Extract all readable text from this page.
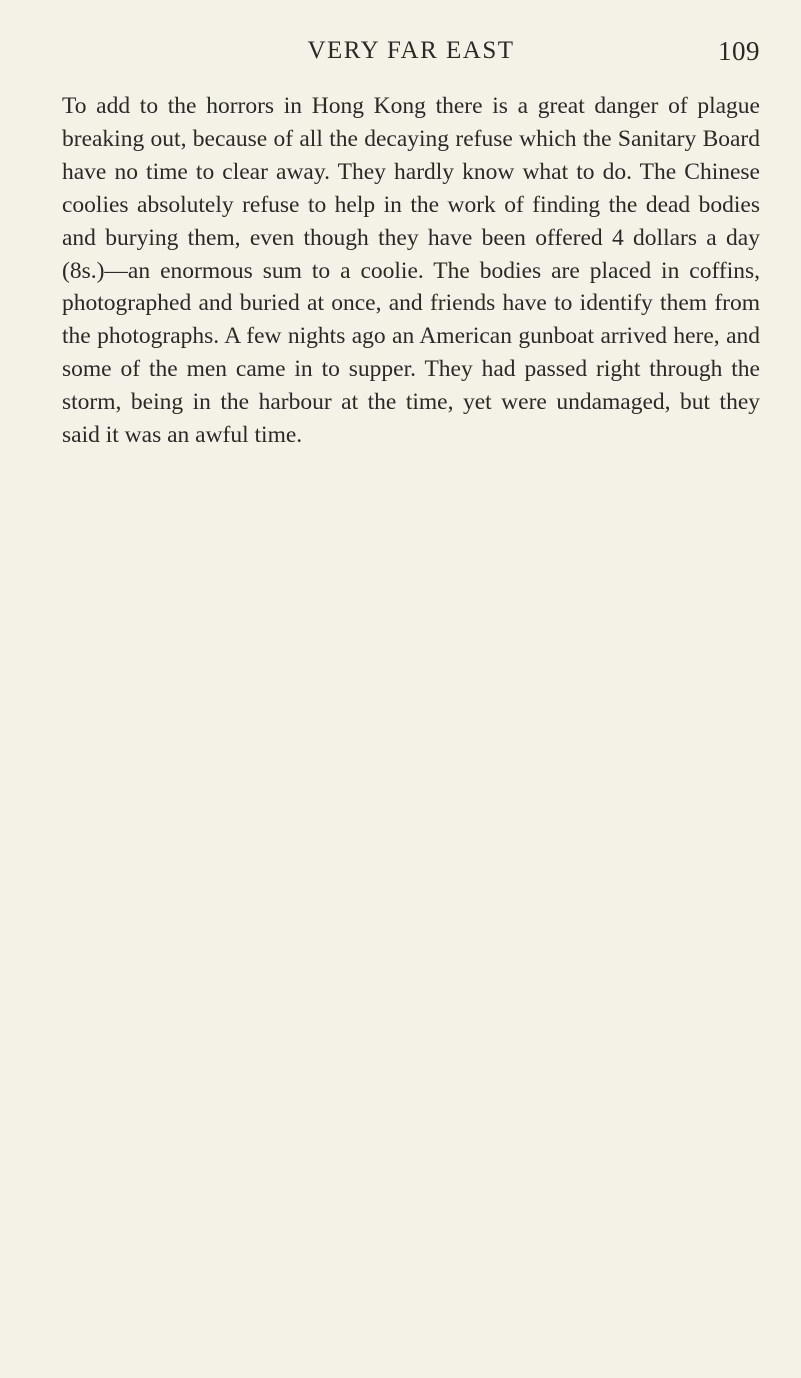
VERY FAR EAST	109

To add to the horrors in Hong Kong there is a great danger of plague breaking out, because of all the decaying refuse which the Sanitary Board have no time to clear away. They hardly know what to do. The Chinese coolies absolutely refuse to help in the work of finding the dead bodies and burying them, even though they have been offered 4 dollars a day (8s.)—an enormous sum to a coolie. The bodies are placed in coffins, photographed and buried at once, and friends have to identify them from the photographs. A few nights ago an American gunboat arrived here, and some of the men came in to supper. They had passed right through the storm, being in the harbour at the time, yet were undamaged, but they said it was an awful time.
